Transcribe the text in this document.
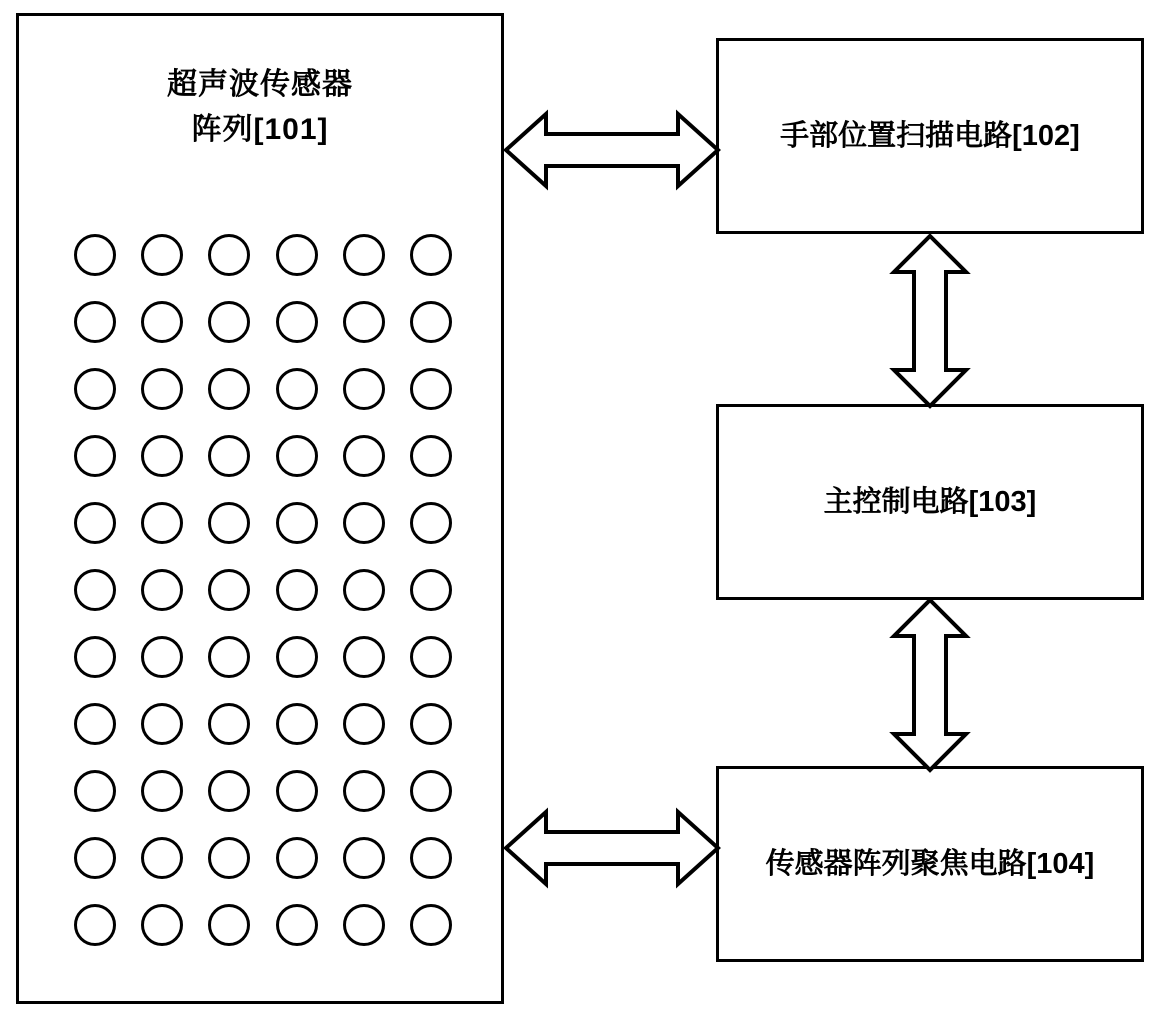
超声波传感器
阵列[101]	手部位置扫描电路[102]
主控制电路[103]
传感器阵列聚焦电路[104]
